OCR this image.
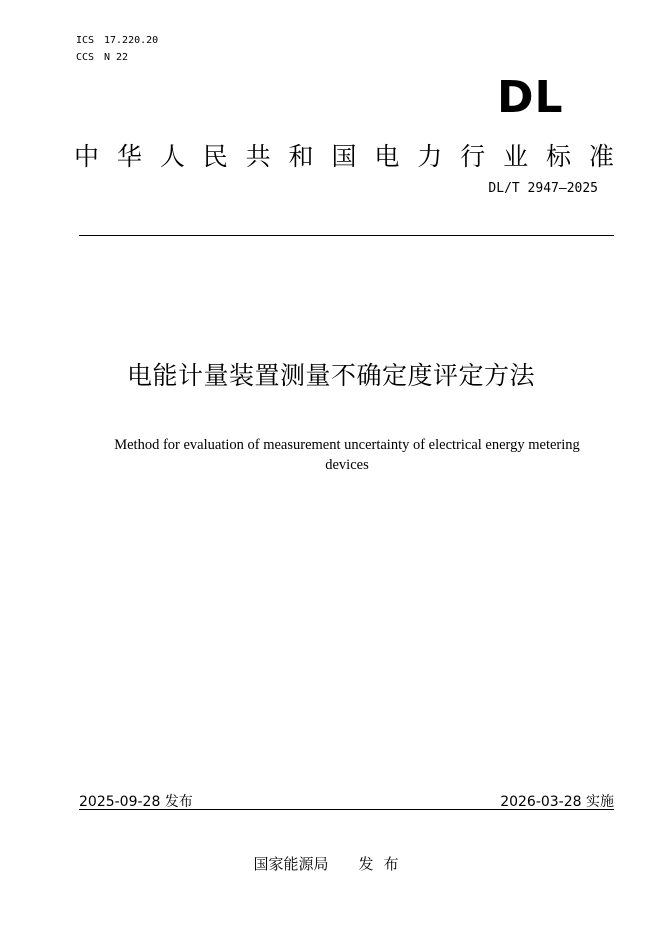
ICS 17.220.20
CCS N 22
DL
中 华 人 民 共 和 国 电 力 行 业 标 准
DL/T 2947—2025
电能计量装置测量不确定度评定方法
Method for evaluation of measurement uncertainty of electrical energy metering
devices
2025-09-28 发布	2026-03-28 实施
国家能源局 发布
